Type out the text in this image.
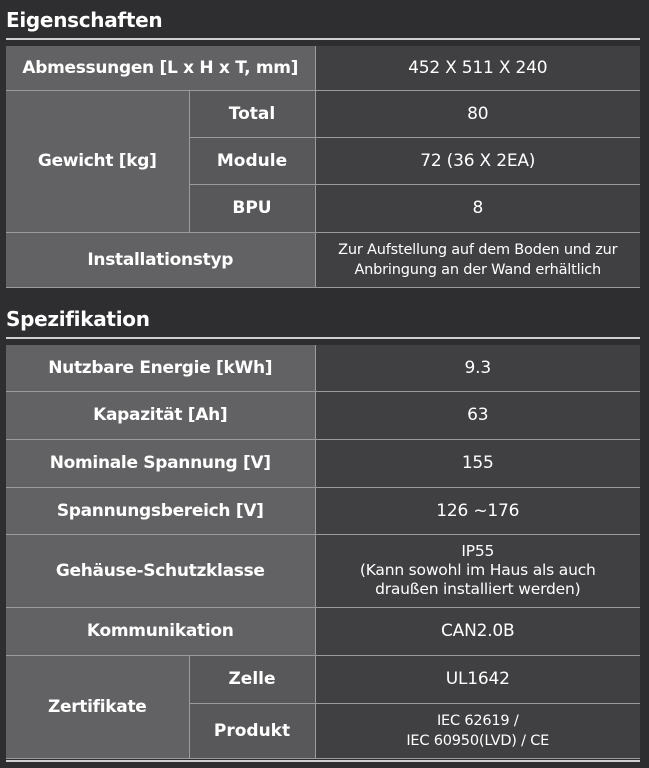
Eigenschaften
Abmessungen [L x H x T, mm]		452 X 511 X 240
Gewicht [kg]	Total	80
	Module	72 (36 X 2EA)
	BPU	8
Installationstyp		Zur Aufstellung auf dem Boden und zur
Anbringung an der Wand erhältlich
Spezifikation
Nutzbare Energie [kWh]		9.3
Kapazität [Ah]		63
Nominale Spannung [V]		155
Spannungsbereich [V]		126 ~176
Gehäuse-Schutzklasse		IP55
(Kann sowohl im Haus als auch
draußen installiert werden)

Kommunikation		CAN2.0B
Zertifikate	Zelle	UL1642
	Produkt	IEC 62619 /
IEC 60950(LVD) / CE
